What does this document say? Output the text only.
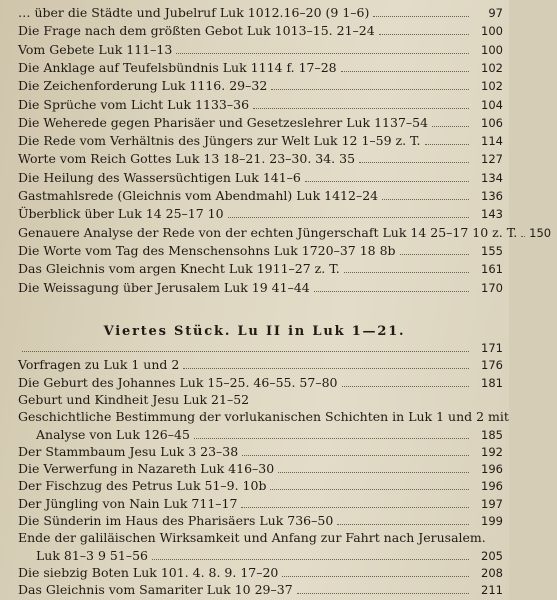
… über die Städte und Jubelruf Luk 1012.16–20 (9 1–6)	97
Die Frage nach dem größten Gebot Luk 1013–15. 21–24	100
Vom Gebete Luk 111–13	100
Die Anklage auf Teufelsbündnis Luk 1114 f. 17–28	102
Die Zeichenforderung Luk 1116. 29–32	102
Die Sprüche vom Licht Luk 1133–36	104
Die Weherede gegen Pharisäer und Gesetzeslehrer Luk 1137–54	106
Die Rede vom Verhältnis des Jüngers zur Welt Luk 12 1–59 z. T.	114
Worte vom Reich Gottes Luk 13 18–21. 23–30. 34. 35	127
Die Heilung des Wassersüchtigen Luk 141–6	134
Gastmahlsrede (Gleichnis vom Abendmahl) Luk 1412–24	136
Überblick über Luk 14 25–17 10	143
Genauere Analyse der Rede von der echten Jüngerschaft Luk 14 25–17 10 z. T. 150
Die Worte vom Tag des Menschensohns Luk 1720–37 18 8b	155
Das Gleichnis vom argen Knecht Luk 1911–27 z. T.	161
Die Weissagung über Jerusalem Luk 19 41–44	170
Viertes Stück. Lu II in Luk 1—21.
171
Vorfragen zu Luk 1 und 2	176
Die Geburt des Johannes Luk 15–25. 46–55. 57–80	181
Geburt und Kindheit Jesu Luk 21–52
Geschichtliche Bestimmung der vorlukanischen Schichten in Luk 1 und 2 mit
Analyse von Luk 126–45	185
Der Stammbaum Jesu Luk 3 23–38	192
Die Verwerfung in Nazareth Luk 416–30	196
Der Fischzug des Petrus Luk 51–9. 10b	196
Der Jüngling von Nain Luk 711–17	197
Die Sünderin im Haus des Pharisäers Luk 736–50	199
Ende der galiläischen Wirksamkeit und Anfang zur Fahrt nach Jerusalem.
Luk 81–3 9 51–56	205
Die siebzig Boten Luk 101. 4. 8. 9. 17–20	208
Das Gleichnis vom Samariter Luk 10 29–37	211
